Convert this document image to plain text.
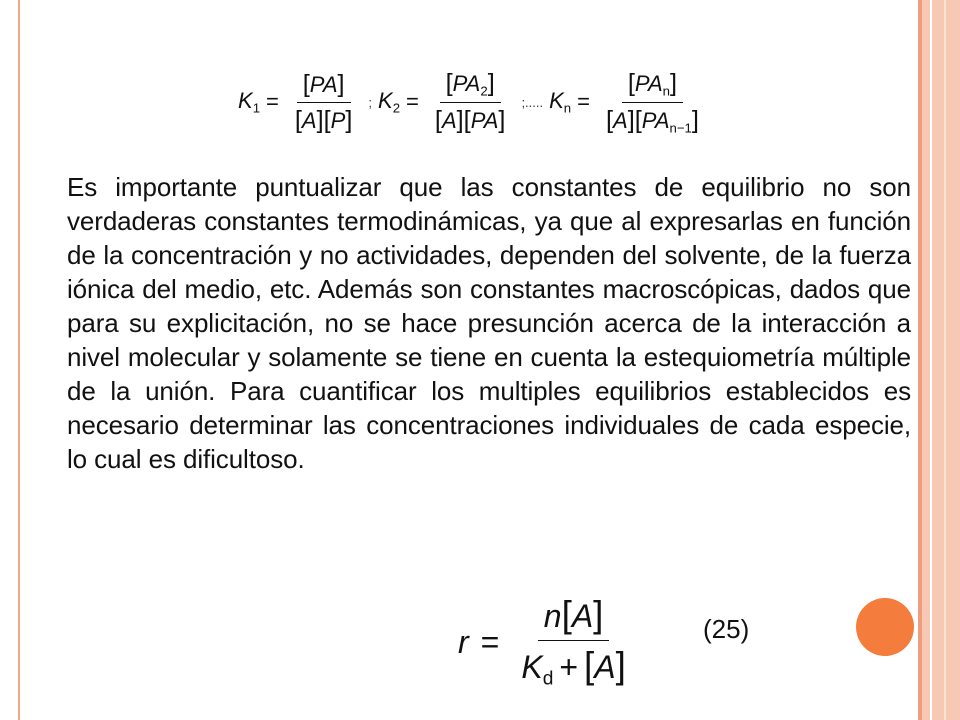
$K_1 = \frac{[PA]}{[A][P]}$ ; $K_2 = \frac{[PA_2]}{[A][PA]}$ ;..... $K_n = \frac{[PA_n]}{[A][PA_{n-1}]}$
Es importante puntualizar que las constantes de equilibrio no son verdaderas constantes termodinámicas, ya que al expresarlas en función de la concentración y no actividades, dependen del solvente, de la fuerza iónica del medio, etc. Además son constantes macroscópicas, dados que para su explicitación, no se hace presunción acerca de la interacción a nivel molecular y solamente se tiene en cuenta la estequiometría múltiple de la unión. Para cuantificar los multiples equilibrios establecidos es necesario determinar las concentraciones individuales de cada especie, lo cual es dificultoso.
$r = \frac{n[A]}{K_d + [A]}$	(25)
